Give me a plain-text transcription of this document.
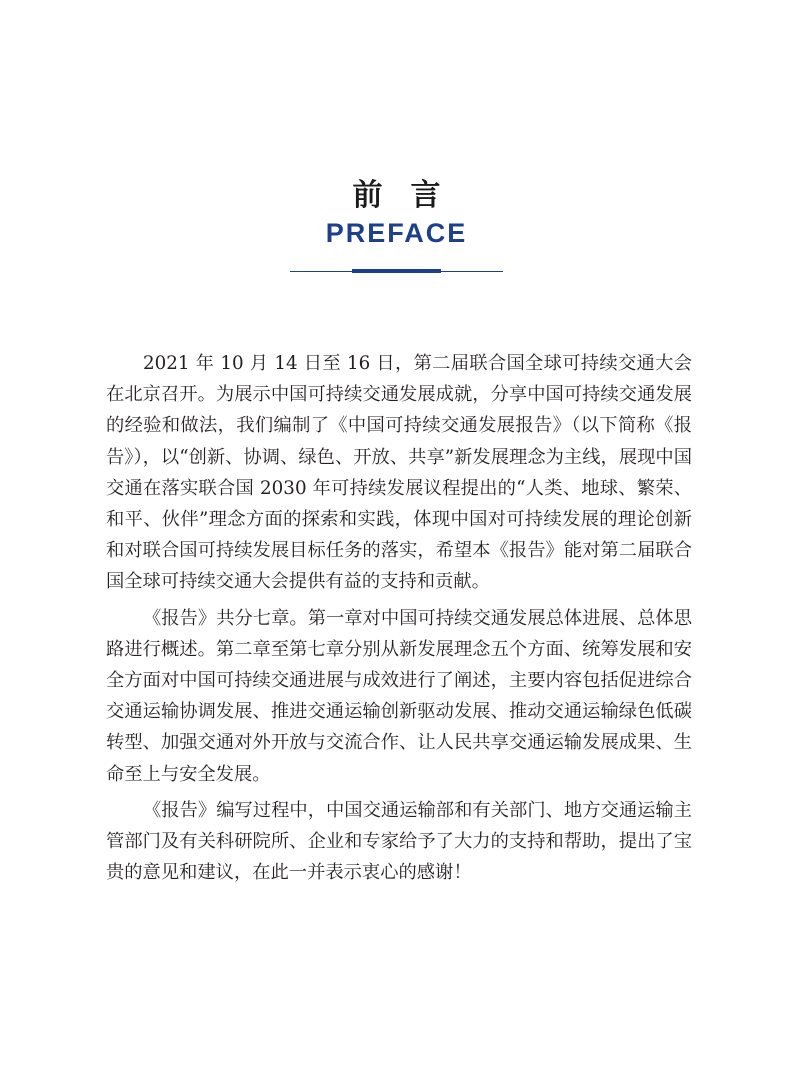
前言
PREFACE

2021 年 10 月 14 日至 16 日，第二届联合国全球可持续交通大会在北京召开。为展示中国可持续交通发展成就，分享中国可持续交通发展的经验和做法，我们编制了《中国可持续交通发展报告》（以下简称《报告》），以“创新、协调、绿色、开放、共享”新发展理念为主线，展现中国交通在落实联合国 2030 年可持续发展议程提出的“人类、地球、繁荣、和平、伙伴”理念方面的探索和实践，体现中国对可持续发展的理论创新和对联合国可持续发展目标任务的落实，希望本《报告》能对第二届联合国全球可持续交通大会提供有益的支持和贡献。

《报告》共分七章。第一章对中国可持续交通发展总体进展、总体思路进行概述。第二章至第七章分别从新发展理念五个方面、统筹发展和安全方面对中国可持续交通进展与成效进行了阐述，主要内容包括促进综合交通运输协调发展、推进交通运输创新驱动发展、推动交通运输绿色低碳转型、加强交通对外开放与交流合作、让人民共享交通运输发展成果、生命至上与安全发展。

《报告》编写过程中，中国交通运输部和有关部门、地方交通运输主管部门及有关科研院所、企业和专家给予了大力的支持和帮助，提出了宝贵的意见和建议，在此一并表示衷心的感谢！
